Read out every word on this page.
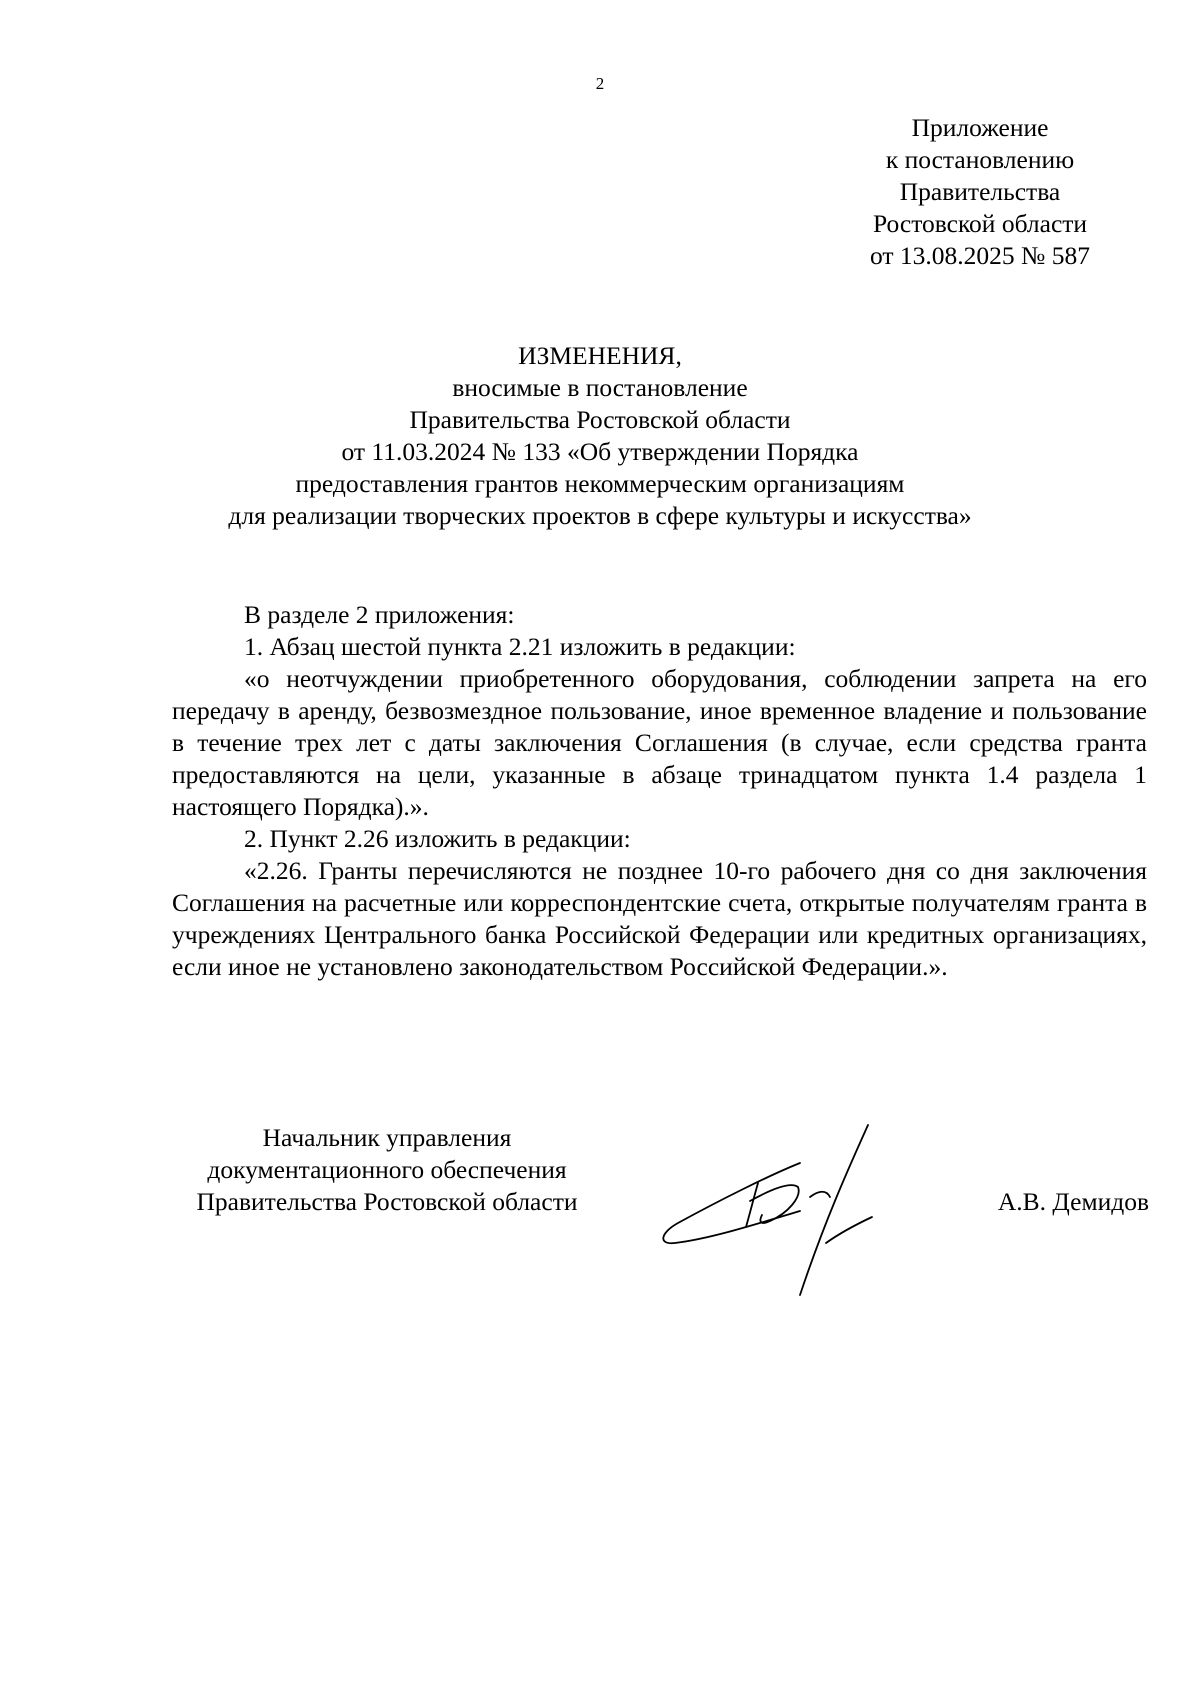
2
Приложение
к постановлению
Правительства
Ростовской области
от 13.08.2025 № 587
ИЗМЕНЕНИЯ,
вносимые в постановление
Правительства Ростовской области
от 11.03.2024 № 133 «Об утверждении Порядка
предоставления грантов некоммерческим организациям
для реализации творческих проектов в сфере культуры и искусства»

В разделе 2 приложения:

1. Абзац шестой пункта 2.21 изложить в редакции:

«о неотчуждении приобретенного оборудования, соблюдении запрета на его передачу в аренду, безвозмездное пользование, иное временное владение и пользование в течение трех лет с даты заключения Соглашения (в случае, если средства гранта предоставляются на цели, указанные в абзаце тринадцатом пункта 1.4 раздела 1 настоящего Порядка).».

2. Пункт 2.26 изложить в редакции:

«2.26. Гранты перечисляются не позднее 10-го рабочего дня со дня заключения Соглашения на расчетные или корреспондентские счета, открытые получателям гранта в учреждениях Центрального банка Российской Федерации или кредитных организациях, если иное не установлено законодательством Российской Федерации.».

Начальник управления
документационного обеспечения
Правительства Ростовской области	А.В. Демидов
